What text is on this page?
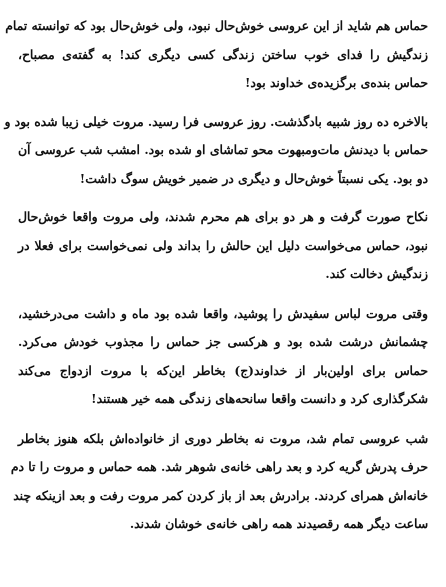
حماس هم شاید از این عروسی خوش‌حال نبود، ولی خوش‌حال بود که توانسته تمام
زندگیش را فدای خوب ساختن زندگی کسی دیگری کند! به گفته‌ی مصباح،
حماس بنده‌ی برگزیده‌ی خداوند بود!
بالاخره ده روز شبیه بادگذشت. روز عروسی فرا رسید. مروت خیلی زیبا شده بود و
حماس با دیدنش مات‌ومبهوت محو تماشای او شده بود. امشب شب عروسی آن
دو بود. یکی نسبتاً خوش‌حال و دیگری در ضمیر خویش سوگ داشت!
نکاح صورت گرفت و هر دو برای هم محرم شدند، ولی مروت واقعا خوش‌حال
نبود، حماس می‌خواست دلیل این حالش را بداند ولی نمی‌خواست برای فعلا در
زندگیش دخالت کند.
وقتی مروت لباس سفیدش را پوشید، واقعا شده بود ماه و داشت می‌درخشید،
چشمانش درشت شده بود و هرکسی جز حماس را مجذوب خودش می‌کرد.
حماس برای اولین‌بار از خداوند(ج) بخاطر این‌که با مروت ازدواج می‌کند
شکرگذاری کرد و دانست واقعا سانحه‌های زندگی همه خیر هستند!
شب عروسی تمام شد، مروت نه بخاطر دوری از خانواده‌اش بلکه هنوز بخاطر
حرف پدرش گریه کرد و بعد راهی خانه‌ی شوهر شد. همه حماس و مروت را تا دم
خانه‌اش همرای کردند. برادرش بعد از باز کردن کمر مروت رفت و بعد ازینکه چند
ساعت دیگر همه رقصیدند همه راهی خانه‌ی خوشان شدند.
